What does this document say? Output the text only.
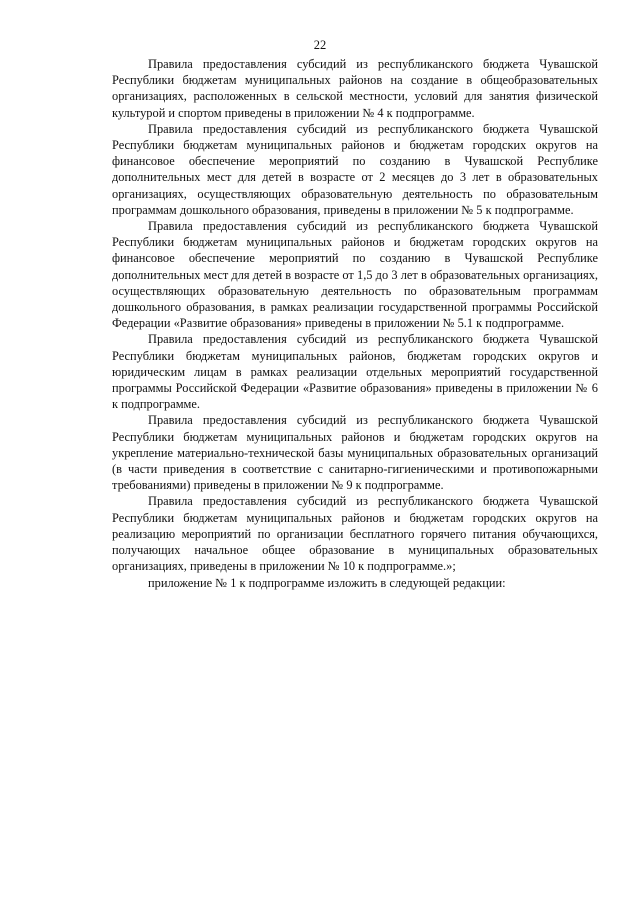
22

Правила предоставления субсидий из республиканского бюджета Чувашской Республики бюджетам муниципальных районов на создание в общеобразовательных организациях, расположенных в сельской местности, условий для занятия физической культурой и спортом приведены в приложении № 4 к подпрограмме.

Правила предоставления субсидий из республиканского бюджета Чувашской Республики бюджетам муниципальных районов и бюджетам городских округов на финансовое обеспечение мероприятий по созданию в Чувашской Республике дополнительных мест для детей в возрасте от 2 месяцев до 3 лет в образовательных организациях, осуществляющих образовательную деятельность по образовательным программам дошкольного образования, приведены в приложении № 5 к подпрограмме.

Правила предоставления субсидий из республиканского бюджета Чувашской Республики бюджетам муниципальных районов и бюджетам городских округов на финансовое обеспечение мероприятий по созданию в Чувашской Республике дополнительных мест для детей в возрасте от 1,5 до 3 лет в образовательных организациях, осуществляющих образовательную деятельность по образовательным программам дошкольного образования, в рамках реализации государственной программы Российской Федерации «Развитие образования» приведены в приложении № 5.1 к подпрограмме.

Правила предоставления субсидий из республиканского бюджета Чувашской Республики бюджетам муниципальных районов, бюджетам городских округов и юридическим лицам в рамках реализации отдельных мероприятий государственной программы Российской Федерации «Развитие образования» приведены в приложении № 6 к подпрограмме.

Правила предоставления субсидий из республиканского бюджета Чувашской Республики бюджетам муниципальных районов и бюджетам городских округов на укрепление материально-технической базы муниципальных образовательных организаций (в части приведения в соответствие с санитарно-гигиеническими и противопожарными требованиями) приведены в приложении № 9 к подпрограмме.

Правила предоставления субсидий из республиканского бюджета Чувашской Республики бюджетам муниципальных районов и бюджетам городских округов на реализацию мероприятий по организации бесплатного горячего питания обучающихся, получающих начальное общее образование в муниципальных образовательных организациях, приведены в приложении № 10 к подпрограмме.»;

приложение № 1 к подпрограмме изложить в следующей редакции:
